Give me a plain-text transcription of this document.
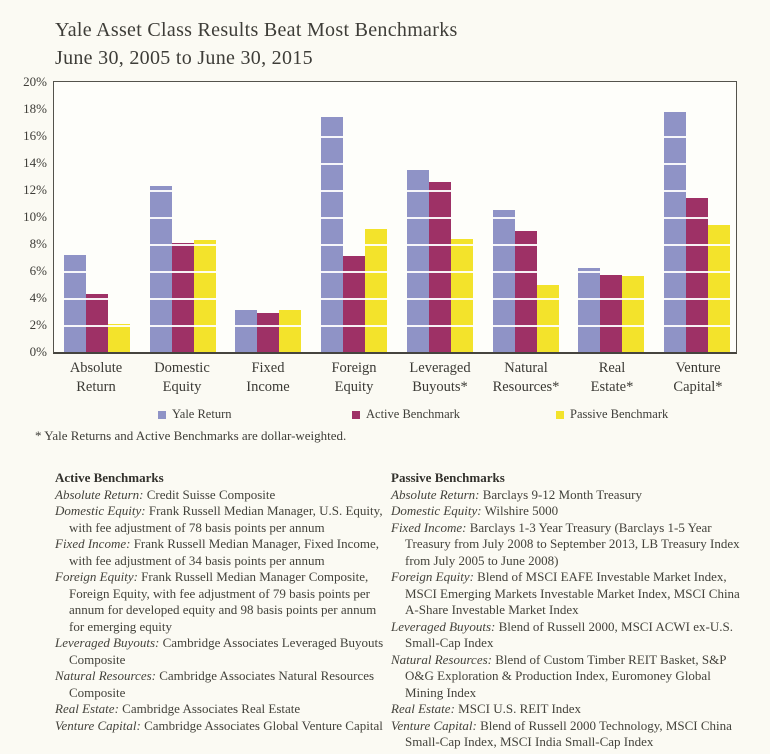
Yale Asset Class Results Beat Most Benchmarks
June 30, 2005 to June 30, 2015
0%
2%
4%
6%
8%
10%
12%
14%
16%
18%
20%
Absolute
Return
Domestic
Equity
Fixed
Income
Foreign
Equity
Leveraged
Buyouts*
Natural
Resources*
Real
Estate*
Venture
Capital*
Yale Return	Active Benchmark	Passive Benchmark
* Yale Returns and Active Benchmarks are dollar-weighted.
Active Benchmarks
Absolute Return: Credit Suisse Composite
Domestic Equity: Frank Russell Median Manager, U.S. Equity, with fee adjustment of 78 basis points per annum
Fixed Income: Frank Russell Median Manager, Fixed Income, with fee adjustment of 34 basis points per annum
Foreign Equity: Frank Russell Median Manager Composite, Foreign Equity, with fee adjustment of 79 basis points per annum for developed equity and 98 basis points per annum for emerging equity
Leveraged Buyouts: Cambridge Associates Leveraged Buyouts Composite
Natural Resources: Cambridge Associates Natural Resources Composite
Real Estate: Cambridge Associates Real Estate
Venture Capital: Cambridge Associates Global Venture Capital
Passive Benchmarks
Absolute Return: Barclays 9-12 Month Treasury
Domestic Equity: Wilshire 5000
Fixed Income: Barclays 1-3 Year Treasury (Barclays 1-5 Year Treasury from July 2008 to September 2013, LB Treasury Index from July 2005 to June 2008)
Foreign Equity: Blend of MSCI EAFE Investable Market Index, MSCI Emerging Markets Investable Market Index, MSCI China A-Share Investable Market Index
Leveraged Buyouts: Blend of Russell 2000, MSCI ACWI ex-U.S. Small-Cap Index
Natural Resources: Blend of Custom Timber REIT Basket, S&P O&G Exploration & Production Index, Euromoney Global Mining Index
Real Estate: MSCI U.S. REIT Index
Venture Capital: Blend of Russell 2000 Technology, MSCI China Small-Cap Index, MSCI India Small-Cap Index
